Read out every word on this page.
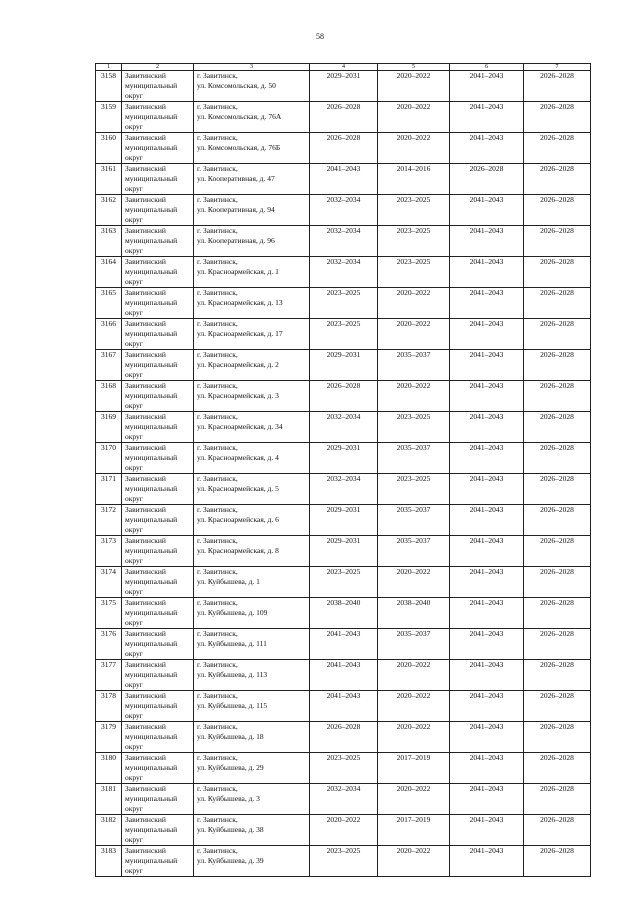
58
1	2	3	4	5	6	7
3158	Завитинский
муниципальный
округ	г. Завитинск,
ул. Комсомольская, д. 50	2029–2031	2020–2022	2041–2043	2026–2028
3159	Завитинский
муниципальный
округ	г. Завитинск,
ул. Комсомольская, д. 76А	2026–2028	2020–2022	2041–2043	2026–2028
3160	Завитинский
муниципальный
округ	г. Завитинск,
ул. Комсомольская, д. 76Б	2026–2028	2020–2022	2041–2043	2026–2028
3161	Завитинский
муниципальный
округ	г. Завитинск,
ул. Кооперативная, д. 47	2041–2043	2014–2016	2026–2028	2026–2028
3162	Завитинский
муниципальный
округ	г. Завитинск,
ул. Кооперативная, д. 94	2032–2034	2023–2025	2041–2043	2026–2028
3163	Завитинский
муниципальный
округ	г. Завитинск,
ул. Кооперативная, д. 96	2032–2034	2023–2025	2041–2043	2026–2028
3164	Завитинский
муниципальный
округ	г. Завитинск,
ул. Красноармейская, д. 1	2032–2034	2023–2025	2041–2043	2026–2028
3165	Завитинский
муниципальный
округ	г. Завитинск,
ул. Красноармейская, д. 13	2023–2025	2020–2022	2041–2043	2026–2028
3166	Завитинский
муниципальный
округ	г. Завитинск,
ул. Красноармейская, д. 17	2023–2025	2020–2022	2041–2043	2026–2028
3167	Завитинский
муниципальный
округ	г. Завитинск,
ул. Красноармейская, д. 2	2029–2031	2035–2037	2041–2043	2026–2028
3168	Завитинский
муниципальный
округ	г. Завитинск,
ул. Красноармейская, д. 3	2026–2028	2020–2022	2041–2043	2026–2028
3169	Завитинский
муниципальный
округ	г. Завитинск,
ул. Красноармейская, д. 34	2032–2034	2023–2025	2041–2043	2026–2028
3170	Завитинский
муниципальный
округ	г. Завитинск,
ул. Красноармейская, д. 4	2029–2031	2035–2037	2041–2043	2026–2028
3171	Завитинский
муниципальный
округ	г. Завитинск,
ул. Красноармейская, д. 5	2032–2034	2023–2025	2041–2043	2026–2028
3172	Завитинский
муниципальный
округ	г. Завитинск,
ул. Красноармейская, д. 6	2029–2031	2035–2037	2041–2043	2026–2028
3173	Завитинский
муниципальный
округ	г. Завитинск,
ул. Красноармейская, д. 8	2029–2031	2035–2037	2041–2043	2026–2028
3174	Завитинский
муниципальный
округ	г. Завитинск,
ул. Куйбышева, д. 1	2023–2025	2020–2022	2041–2043	2026–2028
3175	Завитинский
муниципальный
округ	г. Завитинск,
ул. Куйбышева, д. 109	2038–2040	2038–2040	2041–2043	2026–2028
3176	Завитинский
муниципальный
округ	г. Завитинск,
ул. Куйбышева, д. 111	2041–2043	2035–2037	2041–2043	2026–2028
3177	Завитинский
муниципальный
округ	г. Завитинск,
ул. Куйбышева, д. 113	2041–2043	2020–2022	2041–2043	2026–2028
3178	Завитинский
муниципальный
округ	г. Завитинск,
ул. Куйбышева, д. 115	2041–2043	2020–2022	2041–2043	2026–2028
3179	Завитинский
муниципальный
округ	г. Завитинск,
ул. Куйбышева, д. 18	2026–2028	2020–2022	2041–2043	2026–2028
3180	Завитинский
муниципальный
округ	г. Завитинск,
ул. Куйбышева, д. 29	2023–2025	2017–2019	2041–2043	2026–2028
3181	Завитинский
муниципальный
округ	г. Завитинск,
ул. Куйбышева, д. 3	2032–2034	2020–2022	2041–2043	2026–2028
3182	Завитинский
муниципальный
округ	г. Завитинск,
ул. Куйбышева, д. 38	2020–2022	2017–2019	2041–2043	2026–2028
3183	Завитинский
муниципальный
округ	г. Завитинск,
ул. Куйбышева, д. 39	2023–2025	2020–2022	2041–2043	2026–2028
